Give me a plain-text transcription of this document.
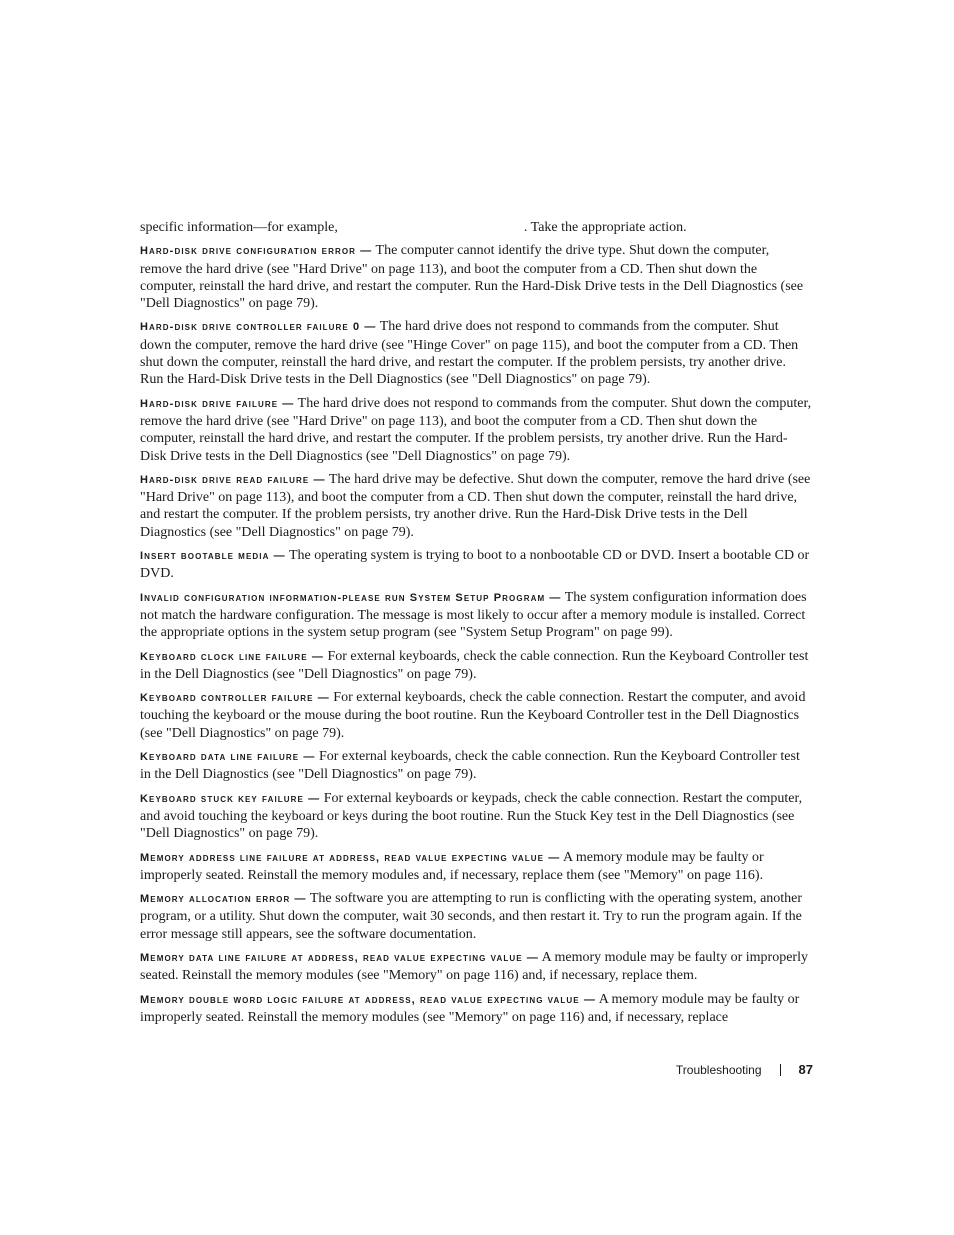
specific information—for example,	. Take the appropriate action.

Hard-disk drive configuration error — The computer cannot identify the drive type. Shut down the computer, remove the hard drive (see "Hard Drive" on page 113), and boot the computer from a CD. Then shut down the computer, reinstall the hard drive, and restart the computer. Run the Hard-Disk Drive tests in the Dell Diagnostics (see "Dell Diagnostics" on page 79).

Hard-disk drive controller failure 0 — The hard drive does not respond to commands from the computer. Shut down the computer, remove the hard drive (see "Hinge Cover" on page 115), and boot the computer from a CD. Then shut down the computer, reinstall the hard drive, and restart the computer. If the problem persists, try another drive. Run the Hard-Disk Drive tests in the Dell Diagnostics (see "Dell Diagnostics" on page 79).

Hard-disk drive failure — The hard drive does not respond to commands from the computer. Shut down the computer, remove the hard drive (see "Hard Drive" on page 113), and boot the computer from a CD. Then shut down the computer, reinstall the hard drive, and restart the computer. If the problem persists, try another drive. Run the Hard-Disk Drive tests in the Dell Diagnostics (see "Dell Diagnostics" on page 79).

Hard-disk drive read failure — The hard drive may be defective. Shut down the computer, remove the hard drive (see "Hard Drive" on page 113), and boot the computer from a CD. Then shut down the computer, reinstall the hard drive, and restart the computer. If the problem persists, try another drive. Run the Hard-Disk Drive tests in the Dell Diagnostics (see "Dell Diagnostics" on page 79).

Insert bootable media — The operating system is trying to boot to a nonbootable CD or DVD. Insert a bootable CD or DVD.

Invalid configuration information-please run System Setup Program — The system configuration information does not match the hardware configuration. The message is most likely to occur after a memory module is installed. Correct the appropriate options in the system setup program (see "System Setup Program" on page 99).

Keyboard clock line failure — For external keyboards, check the cable connection. Run the Keyboard Controller test in the Dell Diagnostics (see "Dell Diagnostics" on page 79).

Keyboard controller failure — For external keyboards, check the cable connection. Restart the computer, and avoid touching the keyboard or the mouse during the boot routine. Run the Keyboard Controller test in the Dell Diagnostics (see "Dell Diagnostics" on page 79).

Keyboard data line failure — For external keyboards, check the cable connection. Run the Keyboard Controller test in the Dell Diagnostics (see "Dell Diagnostics" on page 79).

Keyboard stuck key failure — For external keyboards or keypads, check the cable connection. Restart the computer, and avoid touching the keyboard or keys during the boot routine. Run the Stuck Key test in the Dell Diagnostics (see "Dell Diagnostics" on page 79).

Memory address line failure at address, read value expecting value — A memory module may be faulty or improperly seated. Reinstall the memory modules and, if necessary, replace them (see "Memory" on page 116).

Memory allocation error — The software you are attempting to run is conflicting with the operating system, another program, or a utility. Shut down the computer, wait 30 seconds, and then restart it. Try to run the program again. If the error message still appears, see the software documentation.

Memory data line failure at address, read value expecting value — A memory module may be faulty or improperly seated. Reinstall the memory modules (see "Memory" on page 116) and, if necessary, replace them.

Memory double word logic failure at address, read value expecting value — A memory module may be faulty or improperly seated. Reinstall the memory modules (see "Memory" on page 116) and, if necessary, replace

Troubleshooting	87
